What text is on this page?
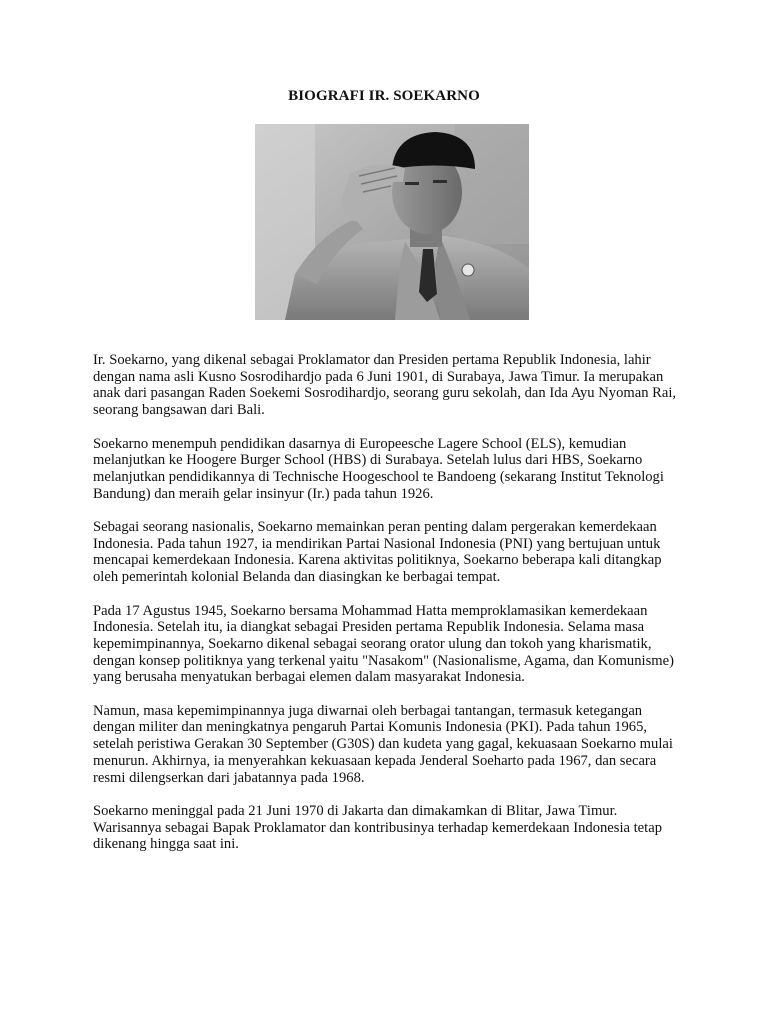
BIOGRAFI IR. SOEKARNO

Ir. Soekarno, yang dikenal sebagai Proklamator dan Presiden pertama Republik Indonesia, lahir dengan nama asli Kusno Sosrodihardjo pada 6 Juni 1901, di Surabaya, Jawa Timur. Ia merupakan anak dari pasangan Raden Soekemi Sosrodihardjo, seorang guru sekolah, dan Ida Ayu Nyoman Rai, seorang bangsawan dari Bali.

Soekarno menempuh pendidikan dasarnya di Europeesche Lagere School (ELS), kemudian melanjutkan ke Hoogere Burger School (HBS) di Surabaya. Setelah lulus dari HBS, Soekarno melanjutkan pendidikannya di Technische Hoogeschool te Bandoeng (sekarang Institut Teknologi Bandung) dan meraih gelar insinyur (Ir.) pada tahun 1926.

Sebagai seorang nasionalis, Soekarno memainkan peran penting dalam pergerakan kemerdekaan Indonesia. Pada tahun 1927, ia mendirikan Partai Nasional Indonesia (PNI) yang bertujuan untuk mencapai kemerdekaan Indonesia. Karena aktivitas politiknya, Soekarno beberapa kali ditangkap oleh pemerintah kolonial Belanda dan diasingkan ke berbagai tempat.

Pada 17 Agustus 1945, Soekarno bersama Mohammad Hatta memproklamasikan kemerdekaan Indonesia. Setelah itu, ia diangkat sebagai Presiden pertama Republik Indonesia. Selama masa kepemimpinannya, Soekarno dikenal sebagai seorang orator ulung dan tokoh yang kharismatik, dengan konsep politiknya yang terkenal yaitu "Nasakom" (Nasionalisme, Agama, dan Komunisme) yang berusaha menyatukan berbagai elemen dalam masyarakat Indonesia.

Namun, masa kepemimpinannya juga diwarnai oleh berbagai tantangan, termasuk ketegangan dengan militer dan meningkatnya pengaruh Partai Komunis Indonesia (PKI). Pada tahun 1965, setelah peristiwa Gerakan 30 September (G30S) dan kudeta yang gagal, kekuasaan Soekarno mulai menurun. Akhirnya, ia menyerahkan kekuasaan kepada Jenderal Soeharto pada 1967, dan secara resmi dilengserkan dari jabatannya pada 1968.

Soekarno meninggal pada 21 Juni 1970 di Jakarta dan dimakamkan di Blitar, Jawa Timur. Warisannya sebagai Bapak Proklamator dan kontribusinya terhadap kemerdekaan Indonesia tetap dikenang hingga saat ini.
